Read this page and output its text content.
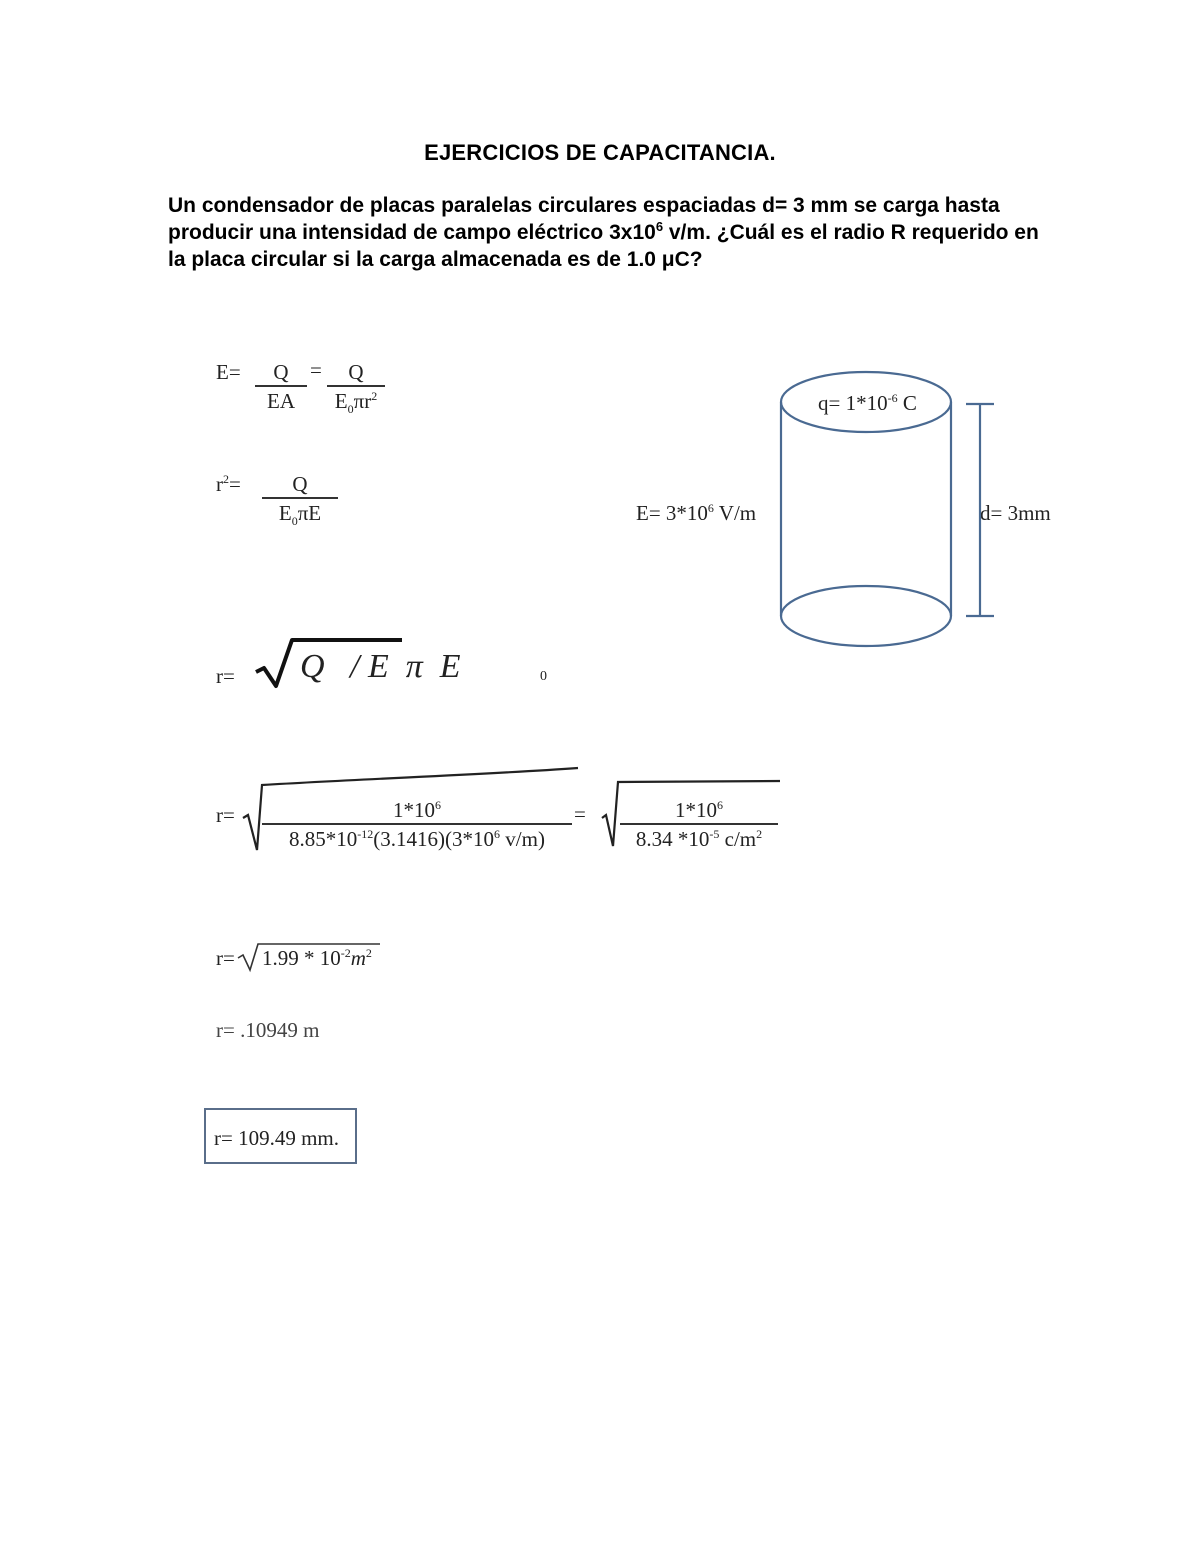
EJERCICIOS DE CAPACITANCIA.
Un condensador de placas paralelas circulares espaciadas d= 3 mm se carga hasta producir una intensidad de campo eléctrico $3x10^6$ v/m. ¿Cuál es el radio R requerido en la placa circular si la carga almacenada es de 1.0 μC?
$E= \frac{Q}{EA} = \frac{Q}{E_0\pi r^2}$
$r^2= \frac{Q}{E_0\pi E}$
r= Q   / E  π  E	0
$r= \frac{1*10^6}{8.85*10^{-12}(3.1416)(3*10^6 v/m)} = \frac{1*10^6}{8.34 *10^{-5} c/m^2}$
$r= 1.99 * 10^{-2}m^2$
r= .10949 m
r= 109.49 mm.
$q= 1*10^{-6}$ C
$E= 3*10^6$ V/m	d= 3mm
